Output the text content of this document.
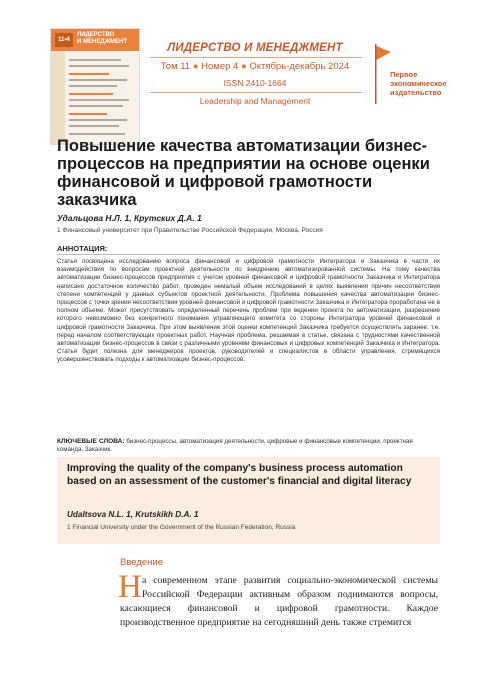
11•4
ЛИДЕРСТВО
И МЕНЕДЖМЕНТ	ЛИДЕРСТВО И МЕНЕДЖМЕНТ
Том 11 ● Номер 4 ● Октябрь-декабрь 2024
ISSN 2410-1664
Leadership and Management
Первое
экономическое
издательство
Повышение качества автоматизации бизнес-процессов на предприятии на основе оценки финансовой и цифровой грамотности заказчика
Удальцова Н.Л. 1, Крутских Д.А. 1
1 Финансовый университет при Правительстве Российской Федерации, Москва, Россия
АННОТАЦИЯ:
Статья посвящена исследованию вопроса финансовой и цифровой грамотности Интегратора и Заказчика в части их взаимодействия по вопросам проектной деятельности по внедрению автоматизированной системы. На тому качества автоматизации бизнес-процессов предприятия с учетом уровней финансовой и цифровой грамотности Заказчика и Интегратора написано достаточное количество работ, проведен немалый объем исследований в целях выявления причин несоответствия степени компетенций у данных субъектов проектной деятельности. Проблема повышения качества автоматизации бизнес-процессов с точки зрения несоответствия уровней финансовой и цифровой грамотности Заказчика и Интегратора проработана не в полном объеме. Может присутствовать определенный перечень проблем при ведении проекта по автоматизации, разрешение которого невозможно без конкретного понимания управляющего комитета со стороны Интегратора уровней финансовой и цифровой грамотности Заказчика. При этом выявление этой оценки компетенций Заказчика требуется осуществлять заранее, т.е. перед началом соответствующих проектных работ. Научная проблема, решаемая в статье, связана с трудностями качественной автоматизации бизнес-процессов в связи с различными уровнями финансовых и цифровых компетенций Заказчика и Интегратора. Статья будет полезна для менеджеров проектов, руководителей и специалистов в области управления, стремящихся усовершенствовать подходы к автоматизации бизнес-процессов.
КЛЮЧЕВЫЕ СЛОВА: бизнес-процессы, автоматизация деятельности, цифровые и финансовые компетенции, проектная команда, Заказчик.
Improving the quality of the company's business process automation based on an assessment of the customer's financial and digital literacy
Udaltsova N.L. 1, Krutskikh D.A. 1
1 Financial University under the Government of the Russian Federation, Russia
Введение
Н а современном этапе развития социально-экономической системы Российской Федерации активным образом поднимаются вопросы, касающиеся финансовой и цифровой грамотности. Каждое производственное предприятие на сегодняшний день также стремится
